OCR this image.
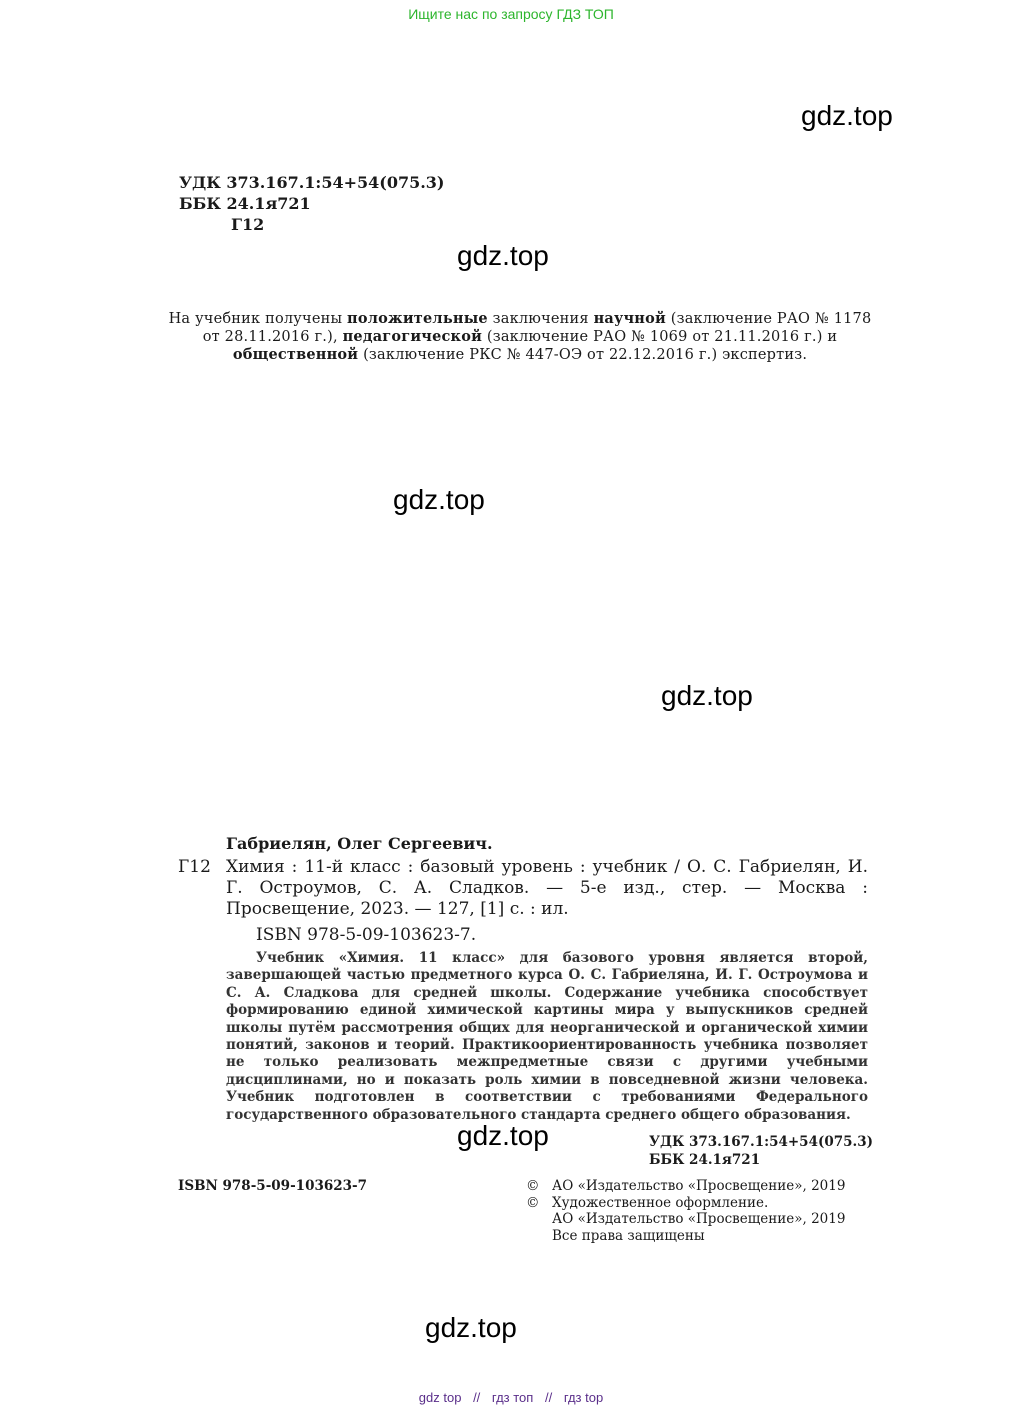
Ищите нас по запросу ГДЗ ТОП
gdz.top
gdz.top
gdz.top
gdz.top
gdz.top
gdz.top
УДК 373.167.1:54+54(075.3)
ББК 24.1я721
Г12
На учебник получены положительные заключения научной (заключение РАО № 1178 от 28.11.2016 г.), педагогической (заключение РАО № 1069 от 21.11.2016 г.) и общественной (заключение РКС № 447-ОЭ от 22.12.2016 г.) экспертиз.
Габриелян, Олег Сергеевич.
Г12 Химия : 11-й класс : базовый уровень : учебник / О. С. Габриелян, И. Г. Остроумов, С. А. Сладков. — 5-е изд., стер. — Москва : Просвещение, 2023. — 127, [1] с. : ил.
ISBN 978-5-09-103623-7.
Учебник «Химия. 11 класс» для базового уровня является второй, завершающей частью предметного курса О. С. Габриеляна, И. Г. Остроумова и С. А. Сладкова для средней школы. Содержание учебника способствует формированию единой химической картины мира у выпускников средней школы путём рассмотрения общих для неорганической и органической химии понятий, законов и теорий. Практикоориентированность учебника позволяет не только реализовать межпредметные связи с другими учебными дисциплинами, но и показать роль химии в повседневной жизни человека. Учебник подготовлен в соответствии с требованиями Федерального государственного образовательного стандарта среднего общего образования.
УДК 373.167.1:54+54(075.3)
ББК 24.1я721
ISBN 978-5-09-103623-7	© АО «Издательство «Просвещение», 2019
© Художественное оформление.
АО «Издательство «Просвещение», 2019
Все права защищены
gdz top // гдз топ // гдз top
